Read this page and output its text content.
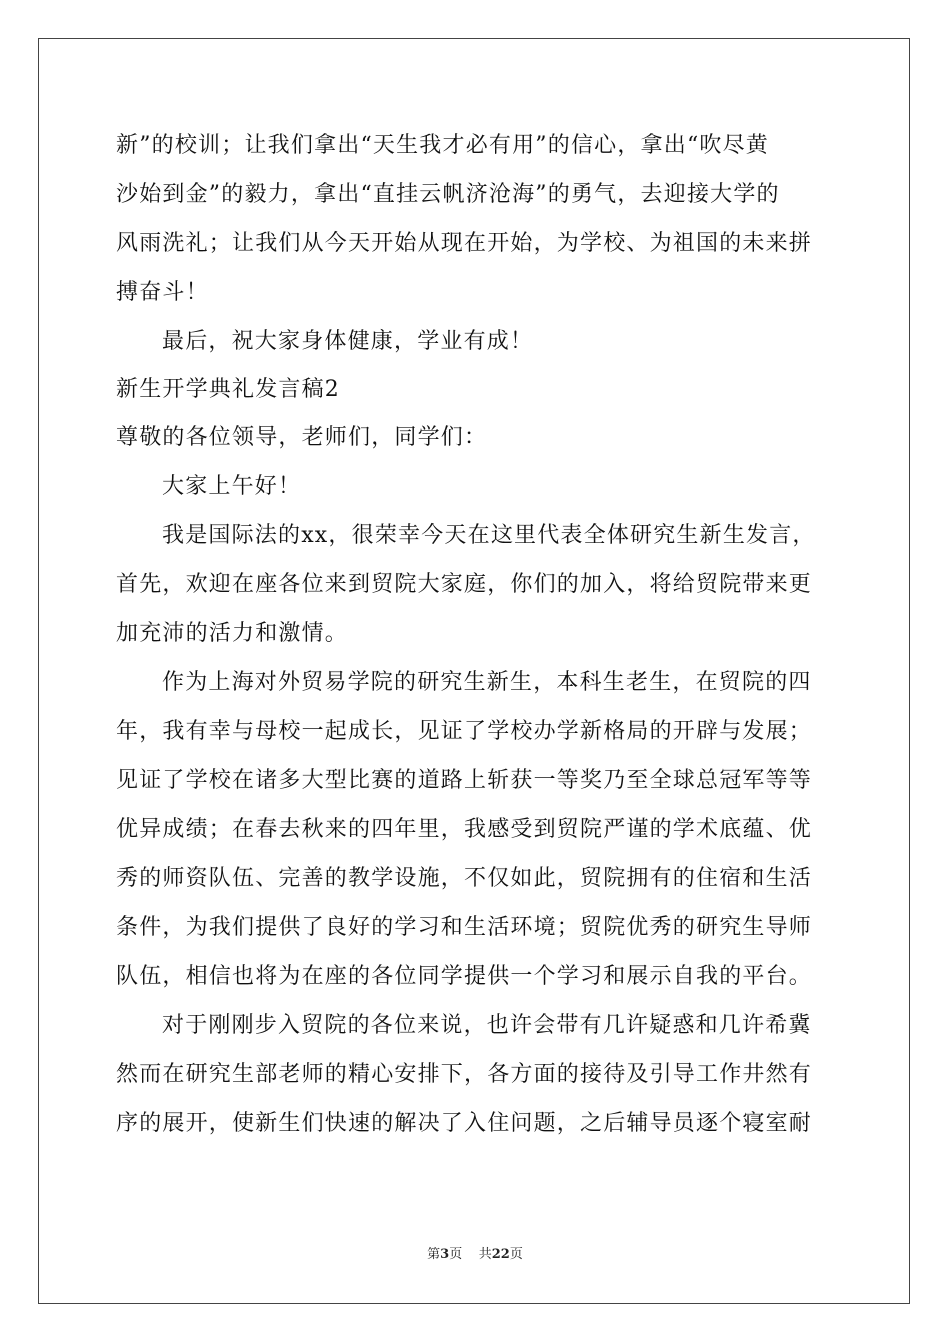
新”的校训；让我们拿出“天生我才必有用”的信心，拿出“吹尽黄
沙始到金”的毅力，拿出“直挂云帆济沧海”的勇气，去迎接大学的
风雨洗礼；让我们从今天开始从现在开始，为学校、为祖国的未来拼
搏奋斗！
最后，祝大家身体健康，学业有成！
新生开学典礼发言稿2
尊敬的各位领导，老师们，同学们：
大家上午好！
我是国际法的xx，很荣幸今天在这里代表全体研究生新生发言，
首先，欢迎在座各位来到贸院大家庭，你们的加入，将给贸院带来更
加充沛的活力和激情。
作为上海对外贸易学院的研究生新生，本科生老生，在贸院的四
年，我有幸与母校一起成长，见证了学校办学新格局的开辟与发展；
见证了学校在诸多大型比赛的道路上斩获一等奖乃至全球总冠军等等
优异成绩；在春去秋来的四年里，我感受到贸院严谨的学术底蕴、优
秀的师资队伍、完善的教学设施，不仅如此，贸院拥有的住宿和生活
条件，为我们提供了良好的学习和生活环境；贸院优秀的研究生导师
队伍，相信也将为在座的各位同学提供一个学习和展示自我的平台。
对于刚刚步入贸院的各位来说，也许会带有几许疑惑和几许希冀
然而在研究生部老师的精心安排下，各方面的接待及引导工作井然有
序的展开，使新生们快速的解决了入住问题，之后辅导员逐个寝室耐
第3页 共22页
